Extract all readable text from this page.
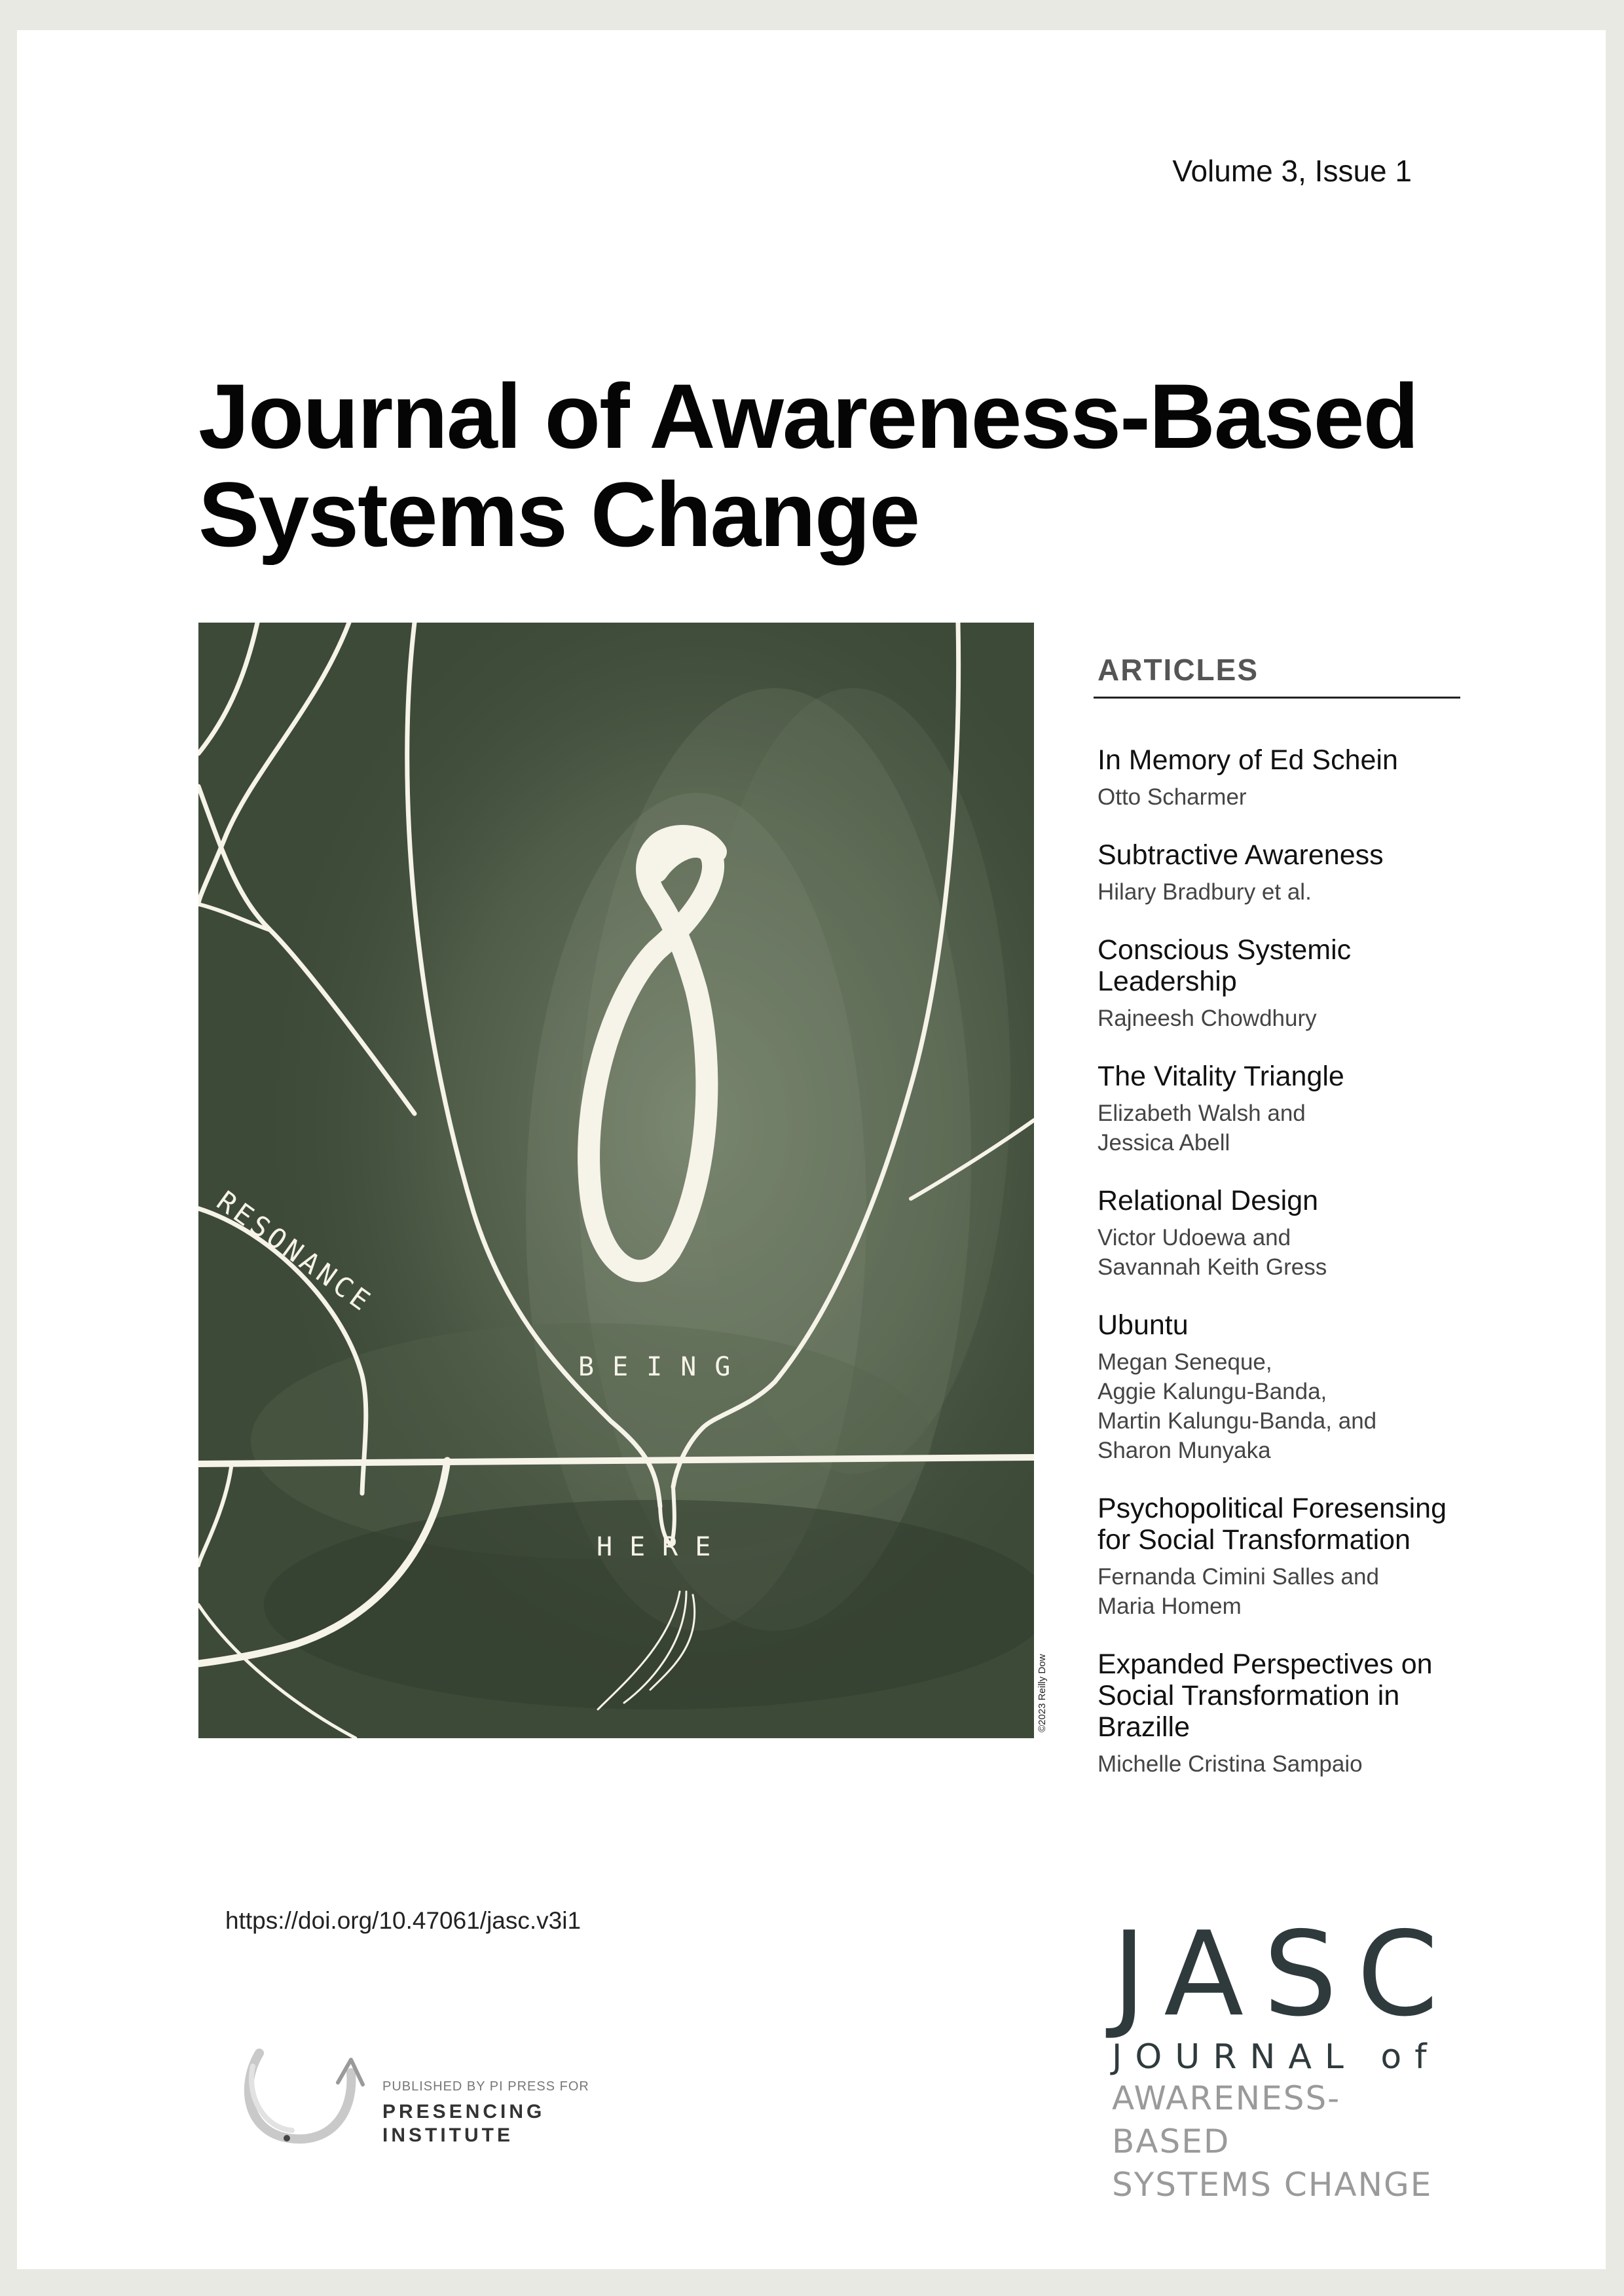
Volume 3, Issue 1
Journal of Awareness-Based
Systems Change
RESONANCE
BEING
HERE
©2023 Reilly Dow
ARTICLES
In Memory of Ed Schein
Otto Scharmer
Subtractive Awareness
Hilary Bradbury et al.
Conscious Systemic
Leadership
Rajneesh Chowdhury
The Vitality Triangle
Elizabeth Walsh and
Jessica Abell
Relational Design
Victor Udoewa and
Savannah Keith Gress
Ubuntu
Megan Seneque,
Aggie Kalungu-Banda,
Martin Kalungu-Banda, and
Sharon Munyaka
Psychopolitical Foresensing
for Social Transformation
Fernanda Cimini Salles and
Maria Homem
Expanded Perspectives on
Social Transformation in
Brazille
Michelle Cristina Sampaio
https://doi.org/10.47061/jasc.v3i1
PUBLISHED BY PI PRESS FOR
PRESENCING
INSTITUTE
JASC
JOURNAL of
AWARENESS-BASED
SYSTEMS CHANGE
